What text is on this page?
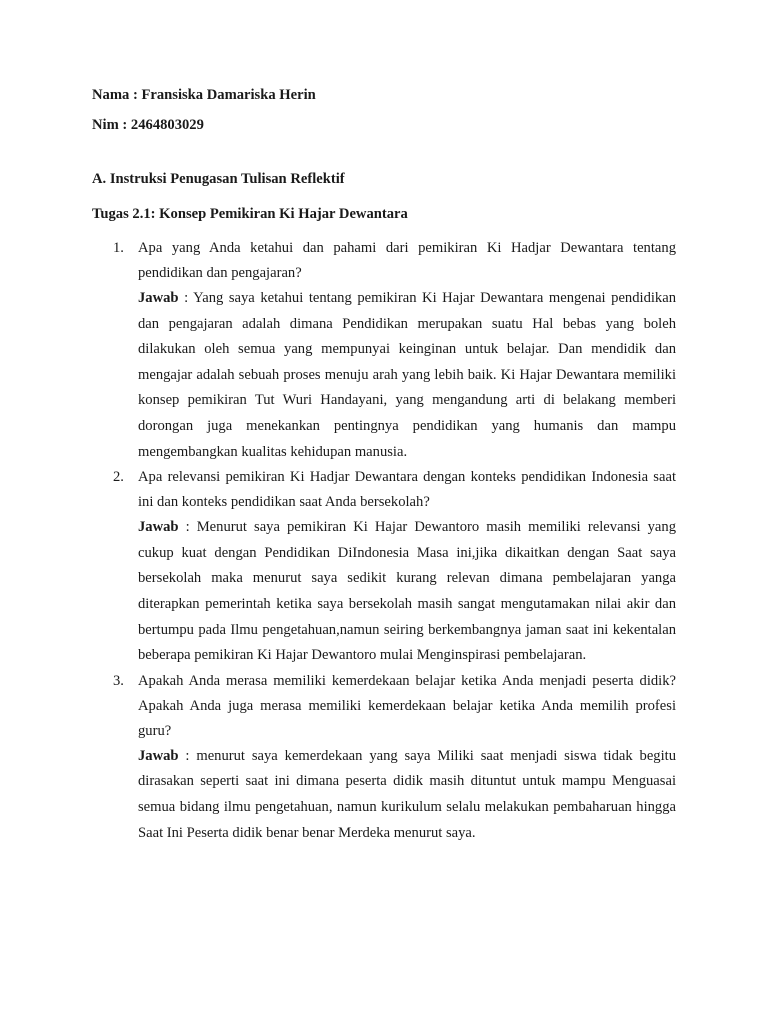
Nama : Fransiska Damariska Herin
Nim : 2464803029
A. Instruksi Penugasan Tulisan Reflektif
Tugas 2.1: Konsep Pemikiran Ki Hajar Dewantara
1. Apa yang Anda ketahui dan pahami dari pemikiran Ki Hadjar Dewantara tentang pendidikan dan pengajaran?
Jawab : Yang saya ketahui tentang pemikiran Ki Hajar Dewantara mengenai pendidikan dan pengajaran adalah dimana Pendidikan merupakan suatu Hal bebas yang boleh dilakukan oleh semua yang mempunyai keinginan untuk belajar. Dan mendidik dan mengajar adalah sebuah proses menuju arah yang lebih baik. Ki Hajar Dewantara memiliki konsep pemikiran Tut Wuri Handayani, yang mengandung arti di belakang memberi dorongan juga menekankan pentingnya pendidikan yang humanis dan mampu mengembangkan kualitas kehidupan manusia.
2. Apa relevansi pemikiran Ki Hadjar Dewantara dengan konteks pendidikan Indonesia saat ini dan konteks pendidikan saat Anda bersekolah?
Jawab : Menurut saya pemikiran Ki Hajar Dewantoro masih memiliki relevansi yang cukup kuat dengan Pendidikan DiIndonesia Masa ini,jika dikaitkan dengan Saat saya bersekolah maka menurut saya sedikit kurang relevan dimana pembelajaran yanga diterapkan pemerintah ketika saya bersekolah masih sangat mengutamakan nilai akir dan bertumpu pada Ilmu pengetahuan,namun seiring berkembangnya jaman saat ini kekentalan beberapa pemikiran Ki Hajar Dewantoro mulai Menginspirasi pembelajaran.
3. Apakah Anda merasa memiliki kemerdekaan belajar ketika Anda menjadi peserta didik? Apakah Anda juga merasa memiliki kemerdekaan belajar ketika Anda memilih profesi guru?
Jawab : menurut saya kemerdekaan yang saya Miliki saat menjadi siswa tidak begitu dirasakan seperti saat ini dimana peserta didik masih dituntut untuk mampu Menguasai semua bidang ilmu pengetahuan, namun kurikulum selalu melakukan pembaharuan hingga Saat Ini Peserta didik benar benar Merdeka menurut saya.
